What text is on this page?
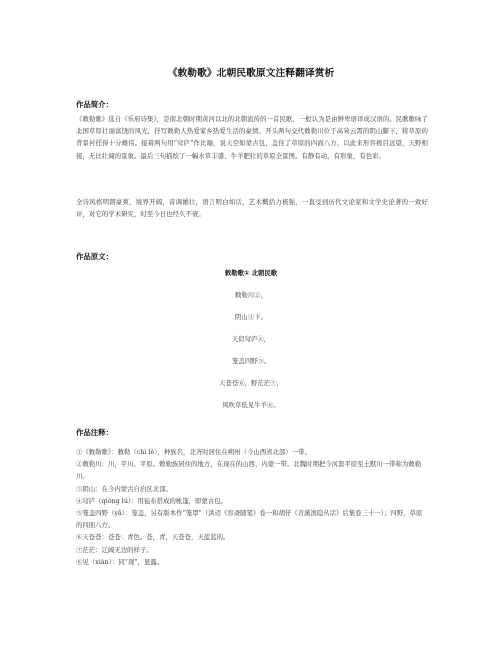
《敕勒歌》北朝民歌原文注释翻译赏析
作品简介：
《敕勒歌》选自《乐府诗集》，是南北朝时期黄河以北的北朝流传的一首民歌，一般认为是由鲜卑语译成汉语的。民歌歌咏了北国草原壮丽富饶的风光，抒写敕勒人热爱家乡热爱生活的豪情。开头两句交代敕勒川位于高耸云霄的阴山脚下，将草原的背景衬托得十分雄伟。接着两句用“穹庐”作比喻，说天空如蒙古包，盖住了草原的四面八方，以此来形容极目远望，天野相接，无比壮阔的景象。最后三句描绘了一幅水草丰盛、牛羊肥壮的草原全景图。有静有动，有形象，有色彩。
全诗风格明朗豪爽，境界开阔，音调雄壮，语言明白如话，艺术概括力极强，一直受到历代文论家和文学史论著的一致好评，对它的学术研究，时至今日也经久不衰。
作品原文：
敕勒歌① 北朝民歌
敕勒川②，
阴山③下。
天似穹庐④，
笼盖四野⑤。
天苍苍⑥，野茫茫⑦，
风吹草低见牛羊⑧。
作品注释：

①《敕勒歌》：敕勒（chì lè），种族名，北齐时居住在朔州（今山西省北部）一带。

②敕勒川：川，平川、平原。敕勒族居住的地方，在现在的山西、内蒙一带。北魏时期把今河套平原至土默川一带称为敕勒川。

③阴山：在今内蒙古自治区北部。

④穹庐（qióng lú）：用毡布搭成的帐篷，即蒙古包。

⑤笼盖四野（yǎ）：笼盖，另有版本作“笼罩”（洪迈《容斋随笔》卷一和胡仔《苕溪渔隐丛话》后集卷三十一）；四野，草原的四面八方。

⑥天苍苍：苍苍：青色。苍，青，天苍苍，天蓝蓝的。

⑦茫茫：辽阔无边的样子。

⑧见（xiàn）：同“现”，显露。
